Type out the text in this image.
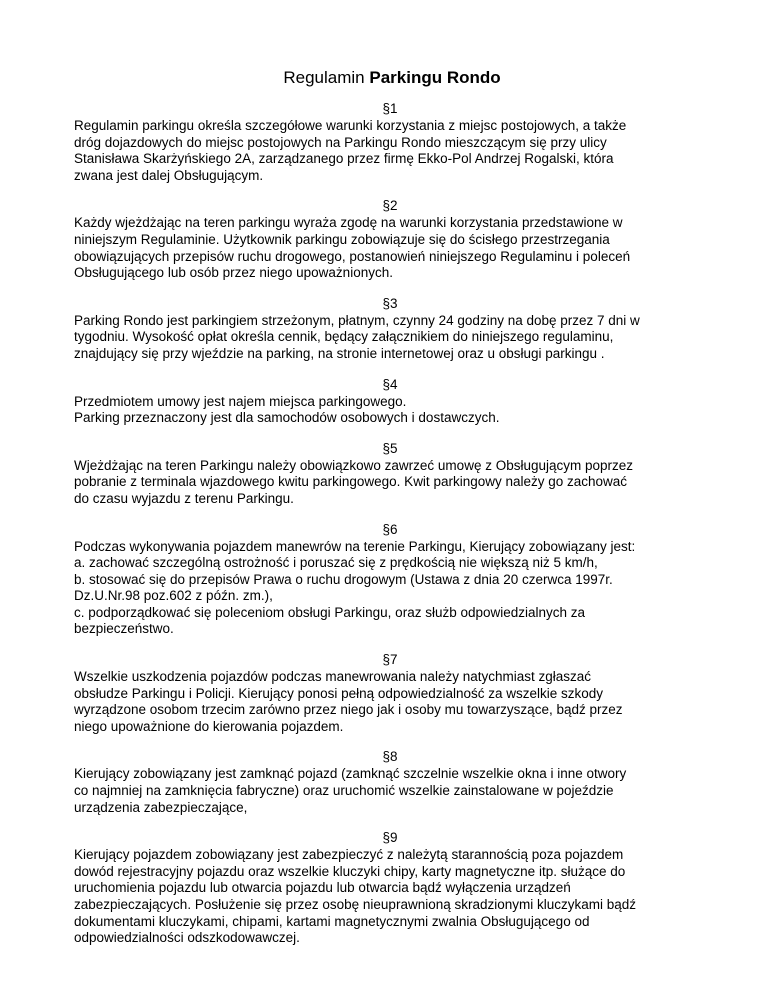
Regulamin Parkingu Rondo
§1
Regulamin parkingu określa szczegółowe warunki korzystania z miejsc postojowych, a także
dróg dojazdowych do miejsc postojowych na Parkingu Rondo mieszczącym się przy ulicy
Stanisława Skarżyńskiego 2A, zarządzanego przez firmę Ekko-Pol Andrzej Rogalski, która
zwana jest dalej Obsługującym.
§2
Każdy wjeżdżając na teren parkingu wyraża zgodę na warunki korzystania przedstawione w
niniejszym Regulaminie. Użytkownik parkingu zobowiązuje się do ścisłego przestrzegania
obowiązujących przepisów ruchu drogowego, postanowień niniejszego Regulaminu i poleceń
Obsługującego lub osób przez niego upoważnionych.
§3
Parking Rondo jest parkingiem strzeżonym, płatnym, czynny 24 godziny na dobę przez 7 dni w
tygodniu. Wysokość opłat określa cennik, będący załącznikiem do niniejszego regulaminu,
znajdujący się przy wjeździe na parking, na stronie internetowej oraz u obsługi parkingu .
§4
Przedmiotem umowy jest najem miejsca parkingowego.
Parking przeznaczony jest dla samochodów osobowych i dostawczych.
§5
Wjeżdżając na teren Parkingu należy obowiązkowo zawrzeć umowę z Obsługującym poprzez
pobranie z terminala wjazdowego kwitu parkingowego. Kwit parkingowy należy go zachować
do czasu wyjazdu z terenu Parkingu.
§6
Podczas wykonywania pojazdem manewrów na terenie Parkingu, Kierujący zobowiązany jest:
a. zachować szczególną ostrożność i poruszać się z prędkością nie większą niż 5 km/h,
b. stosować się do przepisów Prawa o ruchu drogowym (Ustawa z dnia 20 czerwca 1997r.
Dz.U.Nr.98 poz.602 z późn. zm.),
c. podporządkować się poleceniom obsługi Parkingu, oraz służb odpowiedzialnych za
bezpieczeństwo.
§7
Wszelkie uszkodzenia pojazdów podczas manewrowania należy natychmiast zgłaszać
obsłudze Parkingu i Policji. Kierujący ponosi pełną odpowiedzialność za wszelkie szkody
wyrządzone osobom trzecim zarówno przez niego jak i osoby mu towarzyszące, bądź przez
niego upoważnione do kierowania pojazdem.
§8
Kierujący zobowiązany jest zamknąć pojazd (zamknąć szczelnie wszelkie okna i inne otwory
co najmniej na zamknięcia fabryczne) oraz uruchomić wszelkie zainstalowane w pojeździe
urządzenia zabezpieczające,
§9
Kierujący pojazdem zobowiązany jest zabezpieczyć z należytą starannością poza pojazdem
dowód rejestracyjny pojazdu oraz wszelkie kluczyki chipy, karty magnetyczne itp. służące do
uruchomienia pojazdu lub otwarcia pojazdu lub otwarcia bądź wyłączenia urządzeń
zabezpieczających. Posłużenie się przez osobę nieuprawnioną skradzionymi kluczykami bądź
dokumentami kluczykami, chipami, kartami magnetycznymi zwalnia Obsługującego od
odpowiedzialności odszkodowawczej.
